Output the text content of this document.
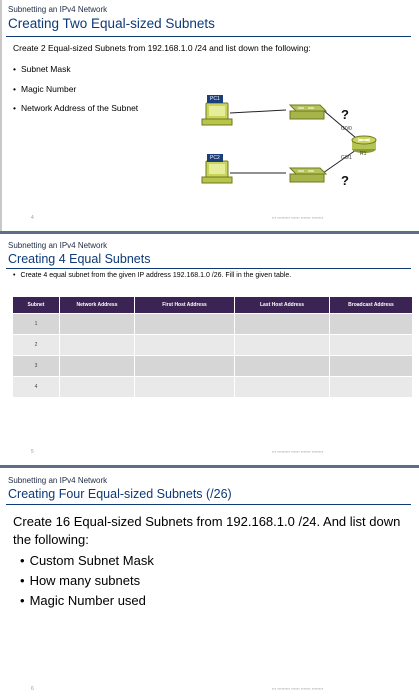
Subnetting an IPv4 Network
Creating Two Equal-sized Subnets
Create 2 Equal-sized Subnets from 192.168.1.0 /24 and list down the following:
• Subnet Mask
• Magic Number
• Network Address of the Subnet
PC1
PC2
?
G0/0
G0/1
R1
?
4	▪▪▪ ▪▪▪▪▪▪▪▪▪ ▪▪▪▪▪▪ ▪▪▪▪▪▪▪ ▪▪▪▪▪▪▪▪
Subnetting an IPv4 Network
Creating 4 Equal Subnets
• Create 4 equal subnet from the given IP address 192.168.1.0 /26. Fill in the given table.
Subnet	Network Address	First Host Address	Last Host Address	Broadcast Address
1				
2				
3				
4				
5	▪▪▪ ▪▪▪▪▪▪▪▪▪ ▪▪▪▪▪▪ ▪▪▪▪▪▪▪ ▪▪▪▪▪▪▪▪
Subnetting an IPv4 Network
Creating Four Equal-sized Subnets (/26)
Create 16 Equal-sized Subnets from 192.168.1.0 /24. And list down the following:
• Custom Subnet Mask
• How many subnets
• Magic Number used
6	▪▪▪ ▪▪▪▪▪▪▪▪▪ ▪▪▪▪▪▪ ▪▪▪▪▪▪▪ ▪▪▪▪▪▪▪▪
